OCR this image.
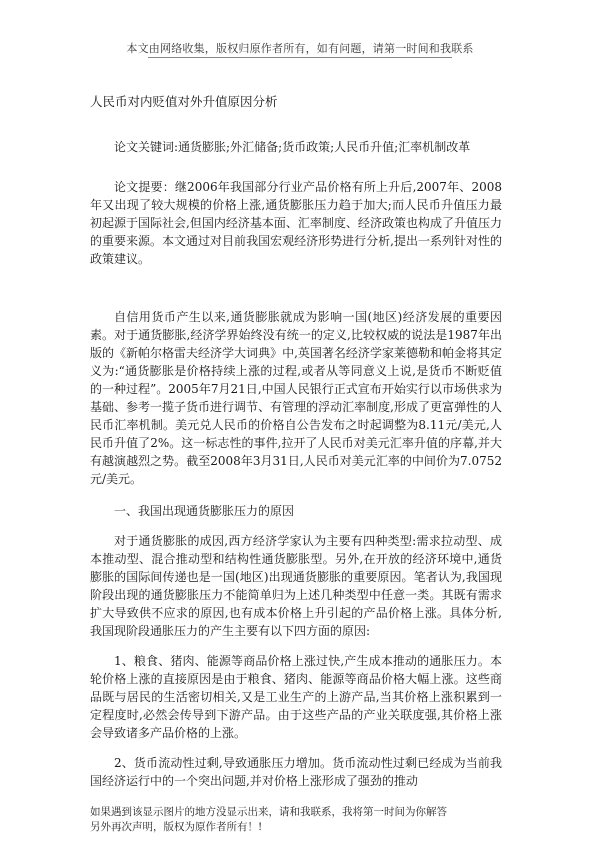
本文由网络收集，版权归原作者所有，如有问题，请第一时间和我联系
人民币对内贬值对外升值原因分析

论文关键词:通货膨胀;外汇储备;货币政策;人民币升值;汇率机制改革

论文提要：继2006年我国部分行业产品价格有所上升后,2007年、2008年又出现了较大规模的价格上涨,通货膨胀压力趋于加大;而人民币升值压力最初起源于国际社会,但国内经济基本面、汇率制度、经济政策也构成了升值压力的重要来源。本文通过对目前我国宏观经济形势进行分析,提出一系列针对性的政策建议。

自信用货币产生以来,通货膨胀就成为影响一国(地区)经济发展的重要因素。对于通货膨胀,经济学界始终没有统一的定义,比较权威的说法是1987年出版的《新帕尔格雷夫经济学大词典》中,英国著名经济学家莱德勒和帕金将其定义为:“通货膨胀是价格持续上涨的过程,或者从等同意义上说,是货币不断贬值的一种过程”。2005年7月21日,中国人民银行正式宣布开始实行以市场供求为基础、参考一揽子货币进行调节、有管理的浮动汇率制度,形成了更富弹性的人民币汇率机制。美元兑人民币的价格自公告发布之时起调整为8.11元/美元,人民币升值了2%。这一标志性的事件,拉开了人民币对美元汇率升值的序幕,并大有越演越烈之势。截至2008年3月31日,人民币对美元汇率的中间价为7.0752元/美元。

一、我国出现通货膨胀压力的原因

对于通货膨胀的成因,西方经济学家认为主要有四种类型:需求拉动型、成本推动型、混合推动型和结构性通货膨胀型。另外,在开放的经济环境中,通货膨胀的国际间传递也是一国(地区)出现通货膨胀的重要原因。笔者认为,我国现阶段出现的通货膨胀压力不能简单归为上述几种类型中任意一类。其既有需求扩大导致供不应求的原因,也有成本价格上升引起的产品价格上涨。具体分析,我国现阶段通胀压力的产生主要有以下四方面的原因:

1、粮食、猪肉、能源等商品价格上涨过快,产生成本推动的通胀压力。本轮价格上涨的直接原因是由于粮食、猪肉、能源等商品价格大幅上涨。这些商品既与居民的生活密切相关,又是工业生产的上游产品,当其价格上涨积累到一定程度时,必然会传导到下游产品。由于这些产品的产业关联度强,其价格上涨会导致诸多产品价格的上涨。

2、货币流动性过剩,导致通胀压力增加。货币流动性过剩已经成为当前我国经济运行中的一个突出问题,并对价格上涨形成了强劲的推动

如果遇到该显示图片的地方没显示出来，请和我联系，我将第一时间为你解答
另外再次声明，版权为原作者所有！!
